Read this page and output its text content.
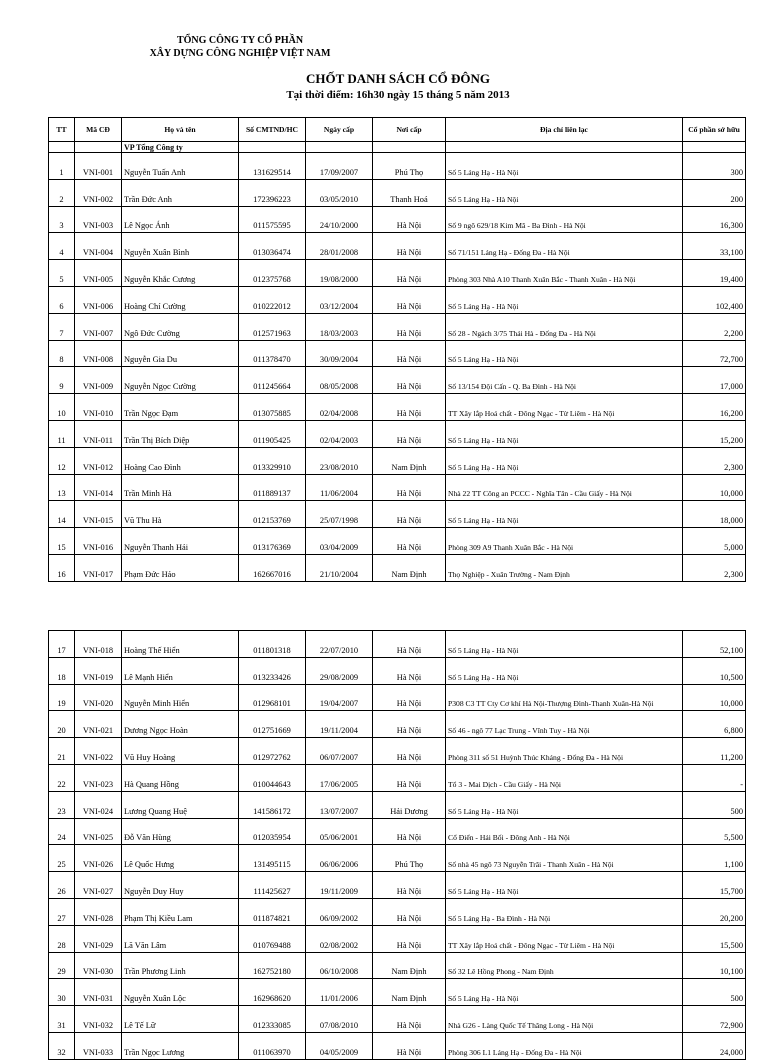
TỔNG CÔNG TY CỔ PHẦN
XÂY DỰNG CÔNG NGHIỆP VIỆT NAM
CHỐT DANH SÁCH CỔ ĐÔNG
Tại thời điểm: 16h30 ngày 15 tháng 5 năm 2013
TT	Mã CĐ	Họ và tên	Số CMTND/HC	Ngày cấp	Nơi cấp	Địa chỉ liên lạc	Cổ phần sở hữu
		VP Tổng Công ty					
1	VNI-001	Nguyễn Tuấn Anh	131629514	17/09/2007	Phú Thọ	Số 5 Láng Hạ - Hà Nội	300
2	VNI-002	Trần Đức Anh	172396223	03/05/2010	Thanh Hoá	Số 5 Láng Hạ - Hà Nội	200
3	VNI-003	Lê Ngọc Ánh	011575595	24/10/2000	Hà Nội	Số 9 ngõ 629/18 Kim Mã - Ba Đình - Hà Nội	16,300
4	VNI-004	Nguyễn Xuân Bình	013036474	28/01/2008	Hà Nội	Số 71/151 Láng Hạ - Đống Đa - Hà Nội	33,100
5	VNI-005	Nguyễn Khắc Cương	012375768	19/08/2000	Hà Nội	Phòng 303 Nhà A10 Thanh Xuân Bắc - Thanh Xuân - Hà Nội	19,400
6	VNI-006	Hoàng Chí Cường	010222012	03/12/2004	Hà Nội	Số 5 Láng Hạ - Hà Nội	102,400
7	VNI-007	Ngô Đức Cường	012571963	18/03/2003	Hà Nội	Số 28 - Ngách 3/75 Thái Hà - Đống Đa - Hà Nội	2,200
8	VNI-008	Nguyễn Gia Du	011378470	30/09/2004	Hà Nội	Số 5 Láng Hạ - Hà Nội	72,700
9	VNI-009	Nguyễn Ngọc Cường	011245664	08/05/2008	Hà Nội	Số 13/154 Đội Cấn - Q. Ba Đình - Hà Nội	17,000
10	VNI-010	Trần Ngọc Đạm	013075885	02/04/2008	Hà Nội	TT Xây lắp Hoá chất - Đông Ngạc - Từ Liêm - Hà Nội	16,200
11	VNI-011	Trần Thị Bích Diệp	011905425	02/04/2003	Hà Nội	Số 5 Láng Hạ - Hà Nội	15,200
12	VNI-012	Hoàng Cao Đình	013329910	23/08/2010	Nam Định	Số 5 Láng Hạ - Hà Nội	2,300
13	VNI-014	Trần Minh Hà	011889137	11/06/2004	Hà Nội	Nhà 22 TT Công an PCCC - Nghĩa Tân - Cầu Giấy - Hà Nội	10,000
14	VNI-015	Vũ Thu Hà	012153769	25/07/1998	Hà Nội	Số 5 Láng Hạ - Hà Nội	18,000
15	VNI-016	Nguyễn Thanh Hải	013176369	03/04/2009	Hà Nội	Phòng 309 A9 Thanh Xuân Bắc - Hà Nội	5,000
16	VNI-017	Phạm Đức Hảo	162667016	21/10/2004	Nam Định	Thọ Nghiệp - Xuân Trường - Nam Định	2,300
17	VNI-018	Hoàng Thế Hiển	011801318	22/07/2010	Hà Nội	Số 5 Láng Hạ - Hà Nội	52,100
18	VNI-019	Lê Mạnh Hiển	013233426	29/08/2009	Hà Nội	Số 5 Láng Hạ - Hà Nội	10,500
19	VNI-020	Nguyễn Minh Hiển	012968101	19/04/2007	Hà Nội	P308 C3 TT Cty Cơ khí Hà Nội-Thượng Đình-Thanh Xuân-Hà Nội	10,000
20	VNI-021	Dương Ngọc Hoàn	012751669	19/11/2004	Hà Nội	Số 46 - ngõ 77 Lạc Trung - Vĩnh Tuy - Hà Nội	6,800
21	VNI-022	Vũ Huy Hoàng	012972762	06/07/2007	Hà Nội	Phòng 311 số 51 Huỳnh Thúc Kháng - Đống Đa - Hà Nội	11,200
22	VNI-023	Hà Quang Hồng	010044643	17/06/2005	Hà Nội	Tổ 3 - Mai Dịch - Cầu Giấy - Hà Nội	-
23	VNI-024	Lương Quang Huệ	141586172	13/07/2007	Hải Dương	Số 5 Láng Hạ - Hà Nội	500
24	VNI-025	Đỗ Văn Hùng	012035954	05/06/2001	Hà Nội	Cổ Điển - Hải Bối - Đông Anh - Hà Nội	5,500
25	VNI-026	Lê Quốc Hưng	131495115	06/06/2006	Phú Thọ	Số nhà 45 ngõ 73 Nguyễn Trãi - Thanh Xuân - Hà Nội	1,100
26	VNI-027	Nguyễn Duy Huy	111425627	19/11/2009	Hà Nội	Số 5 Láng Hạ - Hà Nội	15,700
27	VNI-028	Phạm Thị Kiều Lam	011874821	06/09/2002	Hà Nội	Số 5 Láng Hạ - Ba Đình - Hà Nội	20,200
28	VNI-029	Lã Văn Lâm	010769488	02/08/2002	Hà Nội	TT Xây lắp Hoá chất - Đông Ngạc - Từ Liêm - Hà Nội	15,500
29	VNI-030	Trần Phương Linh	162752180	06/10/2008	Nam Định	Số 32 Lê Hồng Phong - Nam Định	10,100
30	VNI-031	Nguyễn Xuân Lộc	162968620	11/01/2006	Nam Định	Số 5 Láng Hạ - Hà Nội	500
31	VNI-032	Lê Tế Lữ	012333085	07/08/2010	Hà Nội	Nhà G26 - Làng Quốc Tế Thăng Long - Hà Nội	72,900
32	VNI-033	Trần Ngọc Lương	011063970	04/05/2009	Hà Nội	Phòng 306 L1 Láng Hạ - Đống Đa - Hà Nội	24,000
